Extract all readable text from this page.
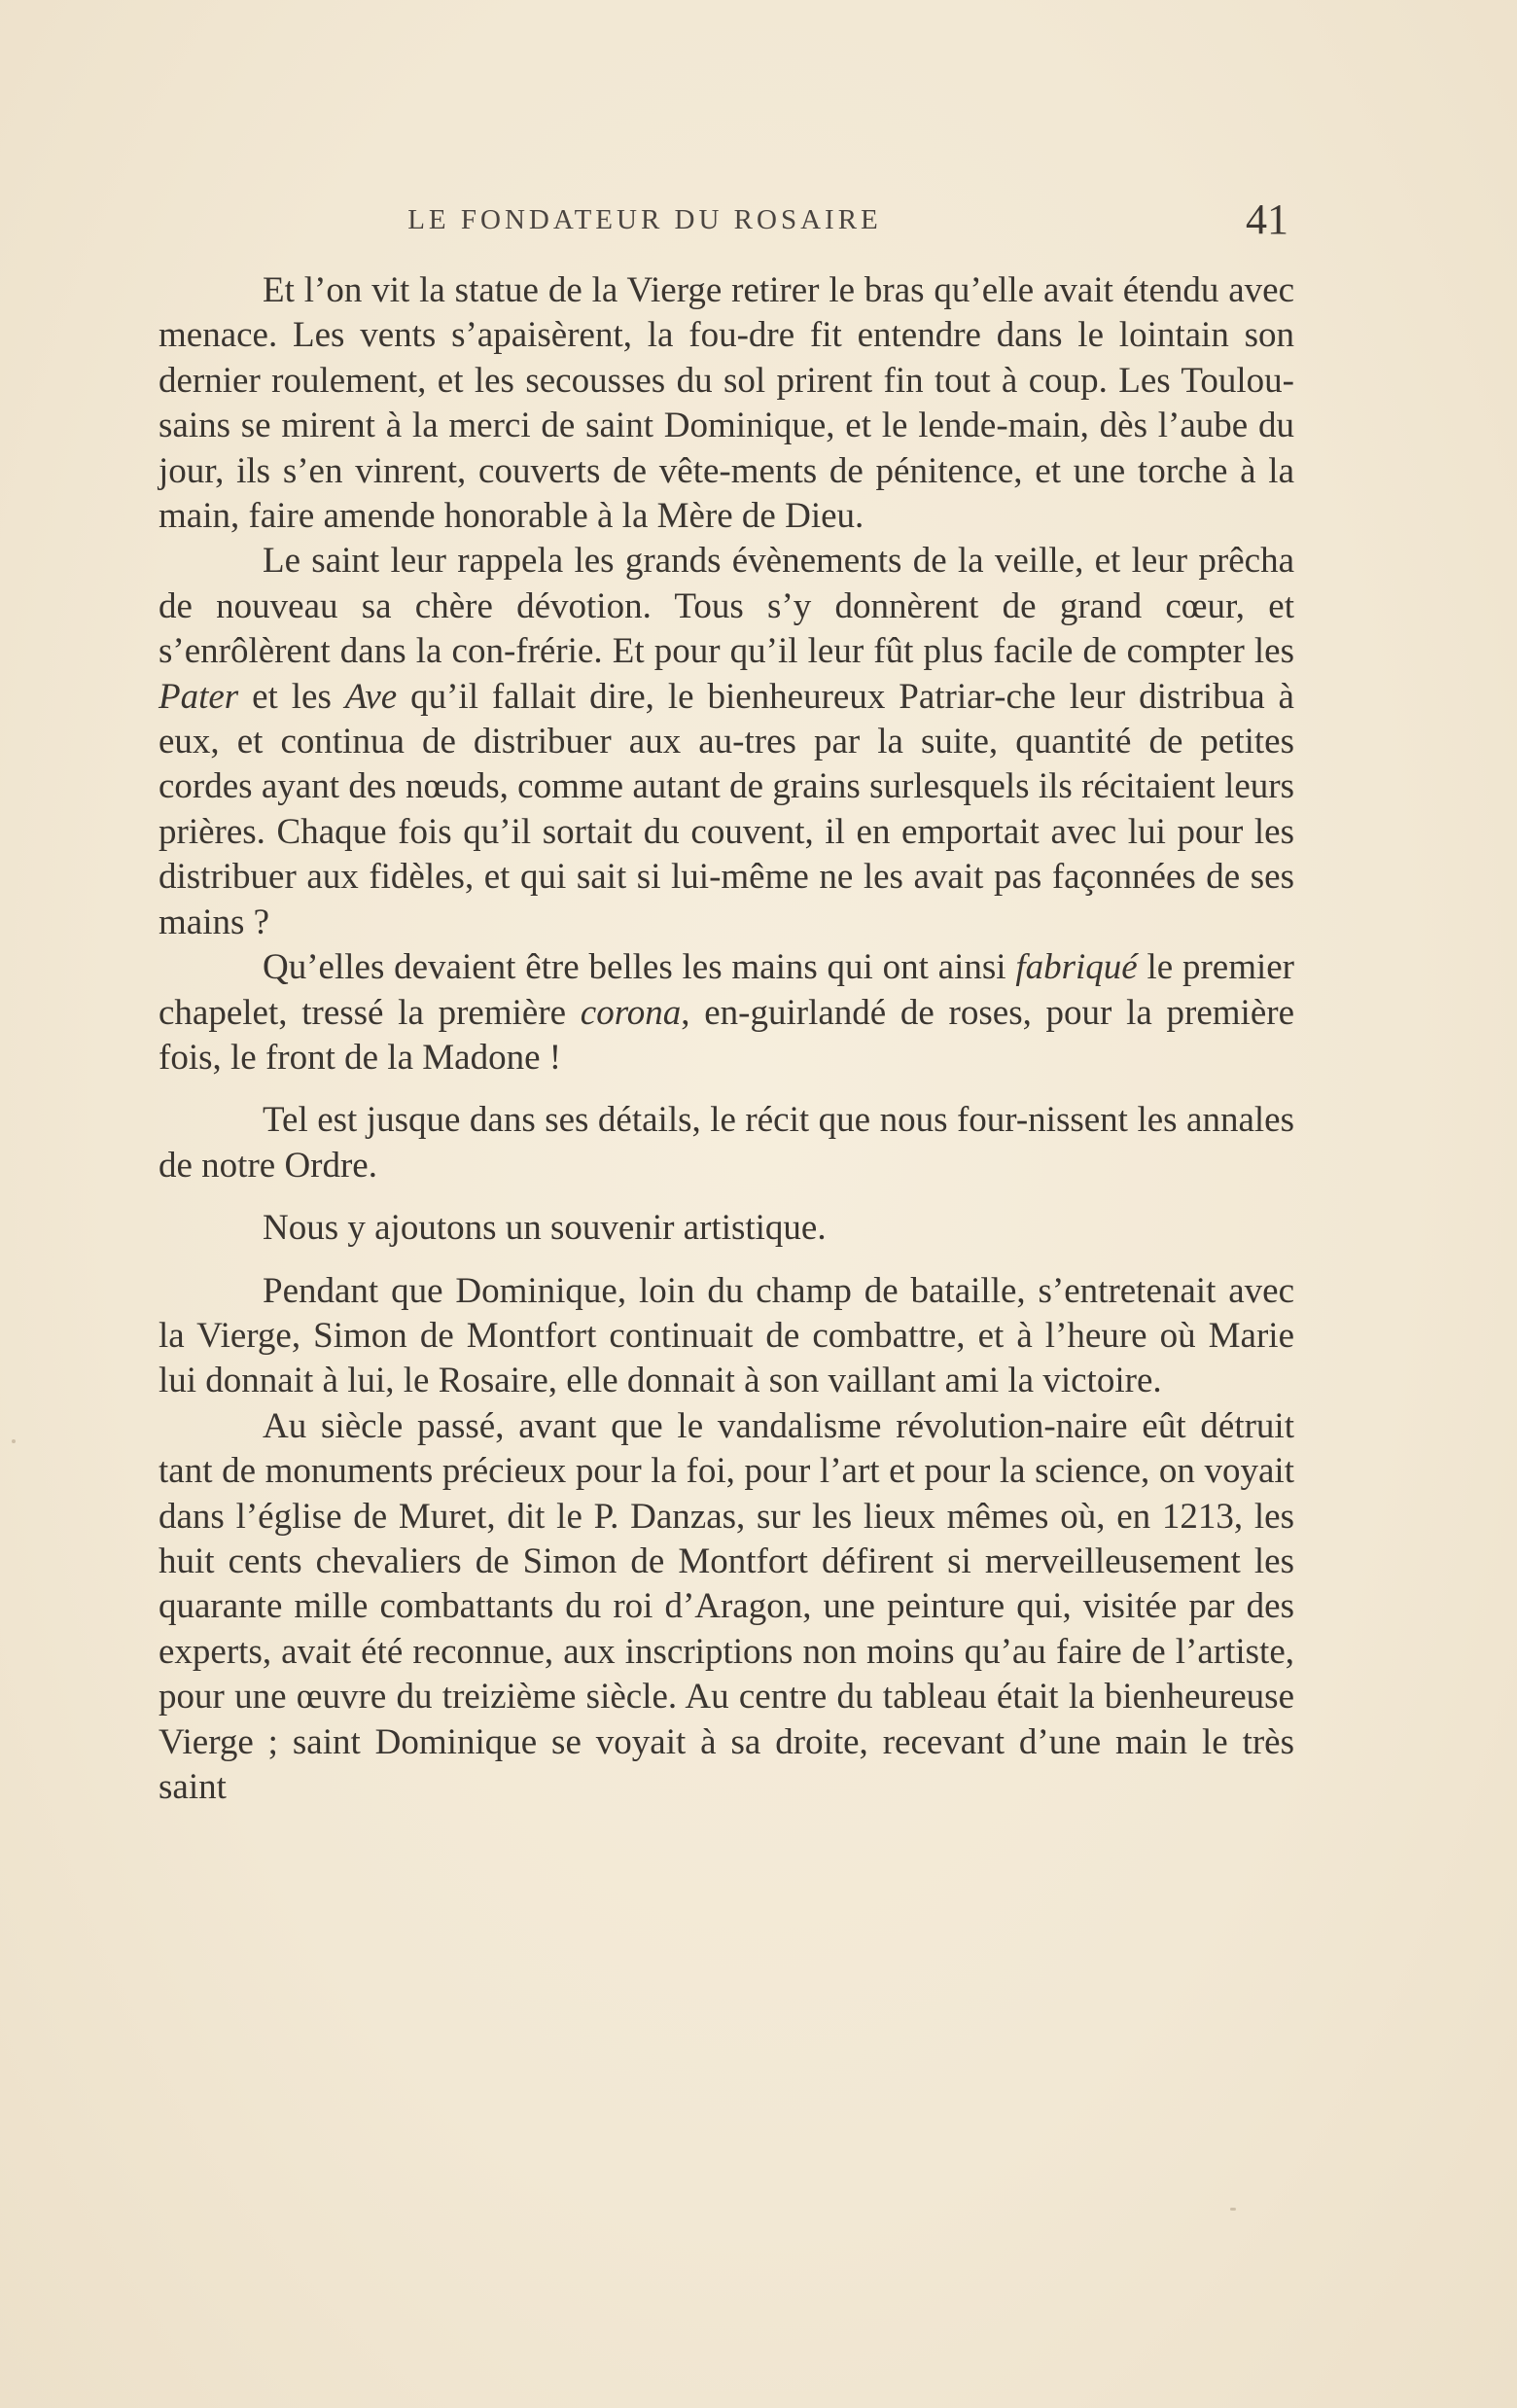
LE FONDATEUR DU ROSAIRE	41

Et l’on vit la statue de la Vierge retirer le bras qu’elle avait étendu avec menace. Les vents s’apaisèrent, la fou-dre fit entendre dans le lointain son dernier roulement, et les secousses du sol prirent fin tout à coup. Les Toulou-sains se mirent à la merci de saint Dominique, et le lende-main, dès l’aube du jour, ils s’en vinrent, couverts de vête-ments de pénitence, et une torche à la main, faire amende honorable à la Mère de Dieu.

Le saint leur rappela les grands évènements de la veille, et leur prêcha de nouveau sa chère dévotion. Tous s’y donnèrent de grand cœur, et s’enrôlèrent dans la con-frérie. Et pour qu’il leur fût plus facile de compter les Pater et les Ave qu’il fallait dire, le bienheureux Patriar-che leur distribua à eux, et continua de distribuer aux au-tres par la suite, quantité de petites cordes ayant des nœuds, comme autant de grains surlesquels ils récitaient leurs prières. Chaque fois qu’il sortait du couvent, il en emportait avec lui pour les distribuer aux fidèles, et qui sait si lui-même ne les avait pas façonnées de ses mains ?

Qu’elles devaient être belles les mains qui ont ainsi fabriqué le premier chapelet, tressé la première corona, en-guirlandé de roses, pour la première fois, le front de la Madone !

Tel est jusque dans ses détails, le récit que nous four-nissent les annales de notre Ordre.

Nous y ajoutons un souvenir artistique.

Pendant que Dominique, loin du champ de bataille, s’entretenait avec la Vierge, Simon de Montfort continuait de combattre, et à l’heure où Marie lui donnait à lui, le Rosaire, elle donnait à son vaillant ami la victoire.

Au siècle passé, avant que le vandalisme révolution-naire eût détruit tant de monuments précieux pour la foi, pour l’art et pour la science, on voyait dans l’église de Muret, dit le P. Danzas, sur les lieux mêmes où, en 1213, les huit cents chevaliers de Simon de Montfort défirent si merveilleusement les quarante mille combattants du roi d’Aragon, une peinture qui, visitée par des experts, avait été reconnue, aux inscriptions non moins qu’au faire de l’artiste, pour une œuvre du treizième siècle. Au centre du tableau était la bienheureuse Vierge ; saint Dominique se voyait à sa droite, recevant d’une main le très saint
